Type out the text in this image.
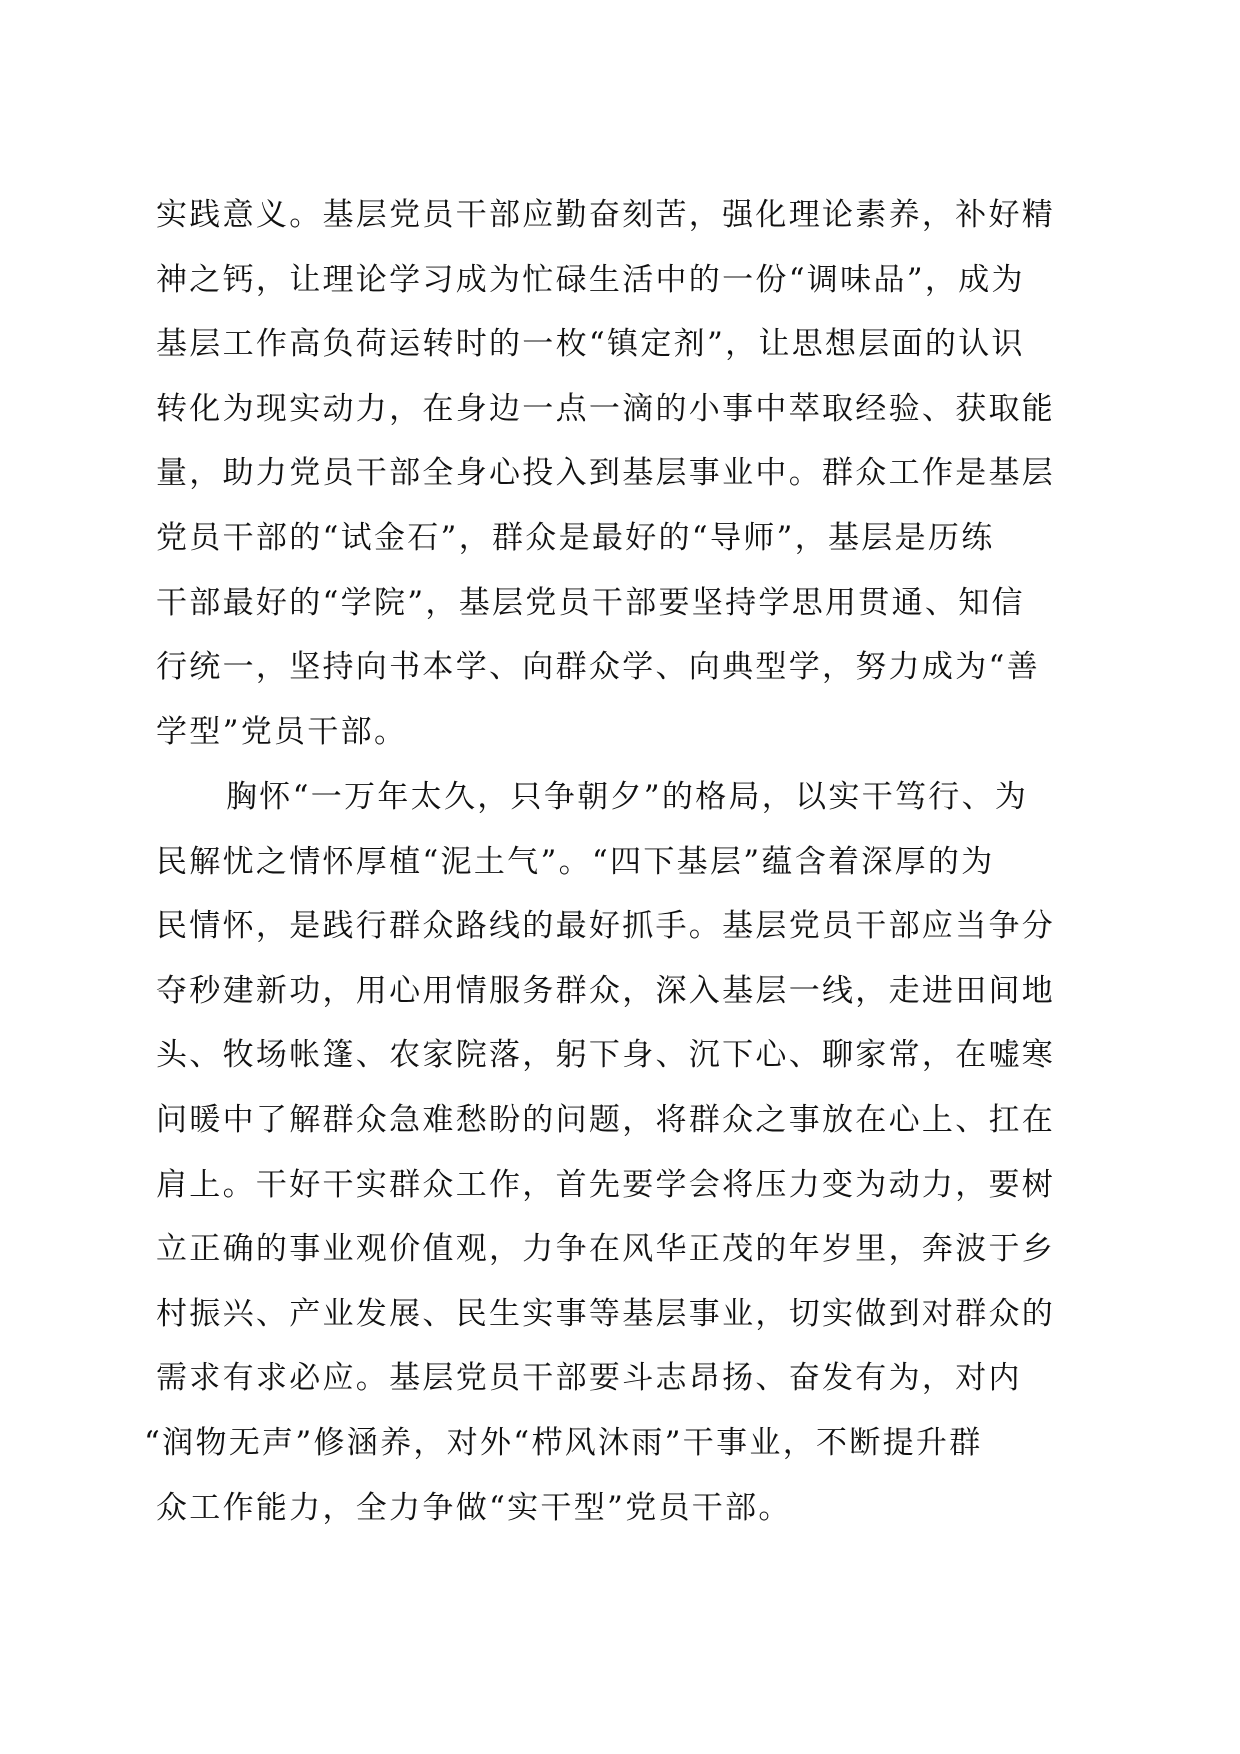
实践意义。基层党员干部应勤奋刻苦，强化理论素养，补好精
神之钙，让理论学习成为忙碌生活中的一份“调味品”，成为
基层工作高负荷运转时的一枚“镇定剂”，让思想层面的认识
转化为现实动力，在身边一点一滴的小事中萃取经验、获取能
量，助力党员干部全身心投入到基层事业中。群众工作是基层
党员干部的“试金石”，群众是最好的“导师”，基层是历练
干部最好的“学院”，基层党员干部要坚持学思用贯通、知信
行统一，坚持向书本学、向群众学、向典型学，努力成为“善
学型”党员干部。
胸怀“一万年太久，只争朝夕”的格局，以实干笃行、为
民解忧之情怀厚植“泥土气”。“四下基层”蕴含着深厚的为
民情怀，是践行群众路线的最好抓手。基层党员干部应当争分
夺秒建新功，用心用情服务群众，深入基层一线，走进田间地
头、牧场帐篷、农家院落，躬下身、沉下心、聊家常，在嘘寒
问暖中了解群众急难愁盼的问题，将群众之事放在心上、扛在
肩上。干好干实群众工作，首先要学会将压力变为动力，要树
立正确的事业观价值观，力争在风华正茂的年岁里，奔波于乡
村振兴、产业发展、民生实事等基层事业，切实做到对群众的
需求有求必应。基层党员干部要斗志昂扬、奋发有为，对内
“润物无声”修涵养，对外“栉风沐雨”干事业，不断提升群
众工作能力，全力争做“实干型”党员干部。
